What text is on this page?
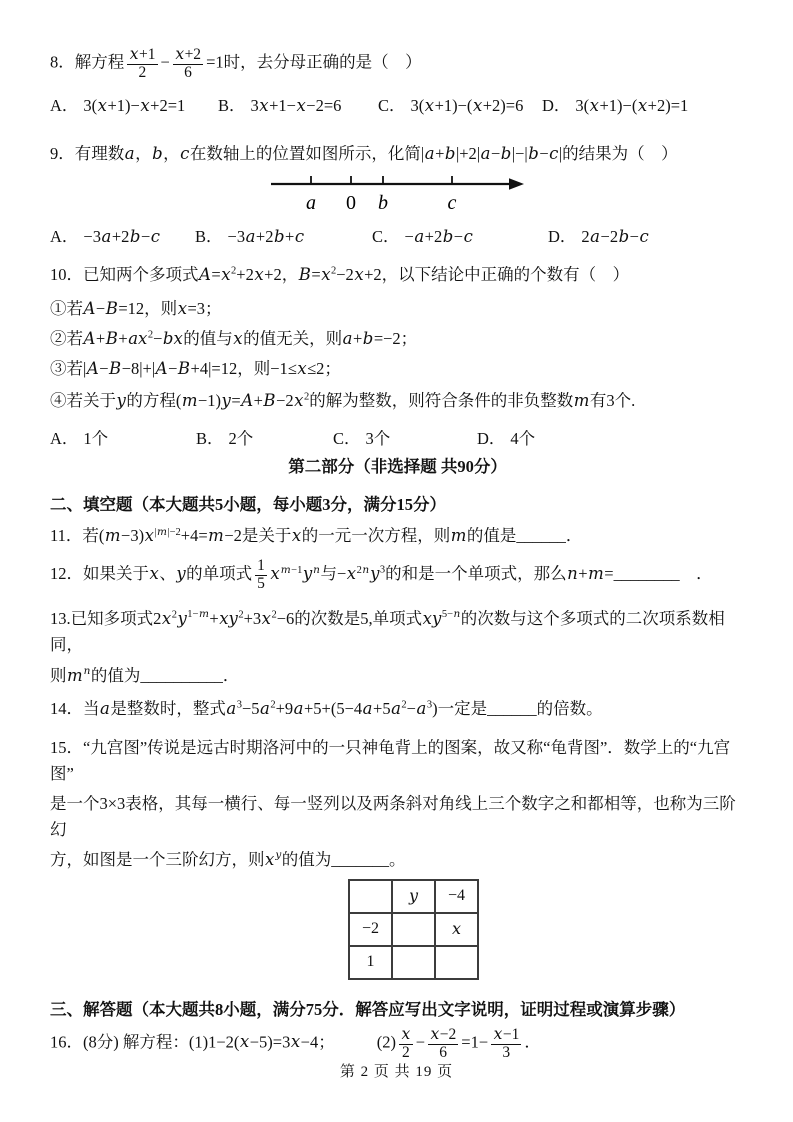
8．解方程 $\frac{x+1}{2} - \frac{x+2}{6} =1$时，去分母正确的是（　）
A． 3(x+1)−x+2=1	B． 3x+1−x−2=6	C． 3(x+1)−(x+2)=6	D． 3(x+1)−(x+2)=1
9．有理数a，b，c在数轴上的位置如图所示，化简|a+b|+2|a−b|−|b−c|的结果为（　）
a 0 b	c
A． −3a+2b−c	B． −3a+2b+c	C． −a+2b−c	D． 2a−2b−c
10．已知两个多项式$A=x^2+2x+2$，$B=x^2-2x+2$，以下结论中正确的个数有（　）
①若A−B=12，则x=3；
②若$A+B+ax^2-bx$的值与x的值无关，则a+b=−2；
③若|A−B−8|+|A−B+4|=12，则−1≤x≤2；
④若关于y的方程$(m-1)y=A+B-2x^2$的解为整数，则符合条件的非负整数m有3个.
A． 1个	B． 2个	C． 3个	D． 4个
第二部分（非选择题 共90分）
二、填空题（本大题共5小题，每小题3分，满分15分）
11．若$(m-3)x^{|m|-2}+4=m-2$是关于x的一元一次方程，则m的值是______．
12．如果关于x、y的单项式 $\frac{1}{5} x^{m-1}y^n$与$-x^{2n}y^3$的和是一个单项式，那么n+m=________　．
13.已知多项式$2x^2y^{1-m}+xy^2+3x^2-6$的次数是5,单项式$xy^{5-n}$的次数与这个多项式的二次项系数相同，
则$m^n$的值为__________．
14．当a是整数时，整式$a^3-5a^2+9a+5+(5-4a+5a^2-a^3)$一定是______的倍数。
15．“九宫图”传说是远古时期洛河中的一只神龟背上的图案，故又称“龟背图”．数学上的“九宫图”
是一个3×3表格，其每一横行、每一竖列以及两条斜对角线上三个数字之和都相等，也称为三阶幻
方，如图是一个三阶幻方，则$x^y$的值为_______。
	y	−4
−2		x
1		
三、解答题（本大题共8小题，满分75分．解答应写出文字说明，证明过程或演算步骤）
16．(8分) 解方程：(1)1−2(x−5)=3x−4；	$(2) \frac{x}{2} - \frac{x-2}{6} =1- \frac{x-1}{3}$ ．
第 2 页 共 19 页
